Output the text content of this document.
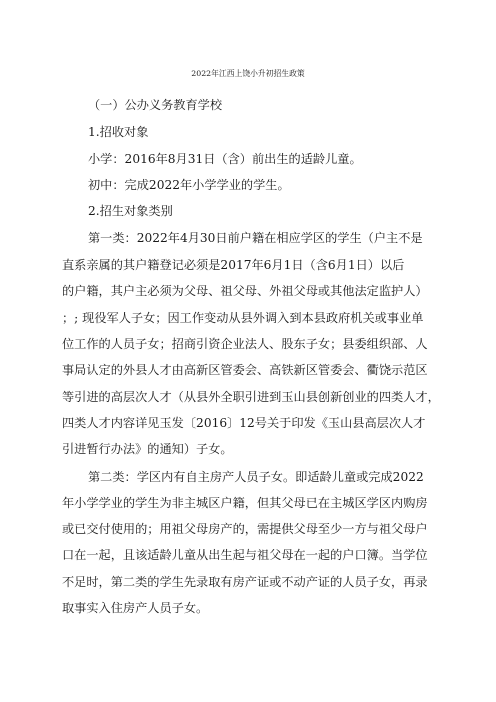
2022年江西上饶小升初招生政策
（一）公办义务教育学校
1.招收对象
小学：2016年8月31日（含）前出生的适龄儿童。
初中：完成2022年小学学业的学生。
2.招生对象类别
第一类：2022年4月30日前户籍在相应学区的学生（户主不是
直系亲属的其户籍登记必须是2017年6月1日（含6月1日）以后
的户籍，其户主必须为父母、祖父母、外祖父母或其他法定监护人）
；; 现役军人子女；因工作变动从县外调入到本县政府机关或事业单
位工作的人员子女；招商引资企业法人、股东子女；县委组织部、人
事局认定的外县人才由高新区管委会、高铁新区管委会、衢饶示范区
等引进的高层次人才（从县外全职引进到玉山县创新创业的四类人才，
四类人才内容详见玉发〔2016〕12号关于印发《玉山县高层次人才
引进暂行办法》的通知）子女。
第二类：学区内有自主房产人员子女。即适龄儿童或完成2022
年小学学业的学生为非主城区户籍，但其父母已在主城区学区内购房
或已交付使用的；用祖父母房产的，需提供父母至少一方与祖父母户
口在一起，且该适龄儿童从出生起与祖父母在一起的户口簿。当学位
不足时，第二类的学生先录取有房产证或不动产证的人员子女，再录
取事实入住房产人员子女。
